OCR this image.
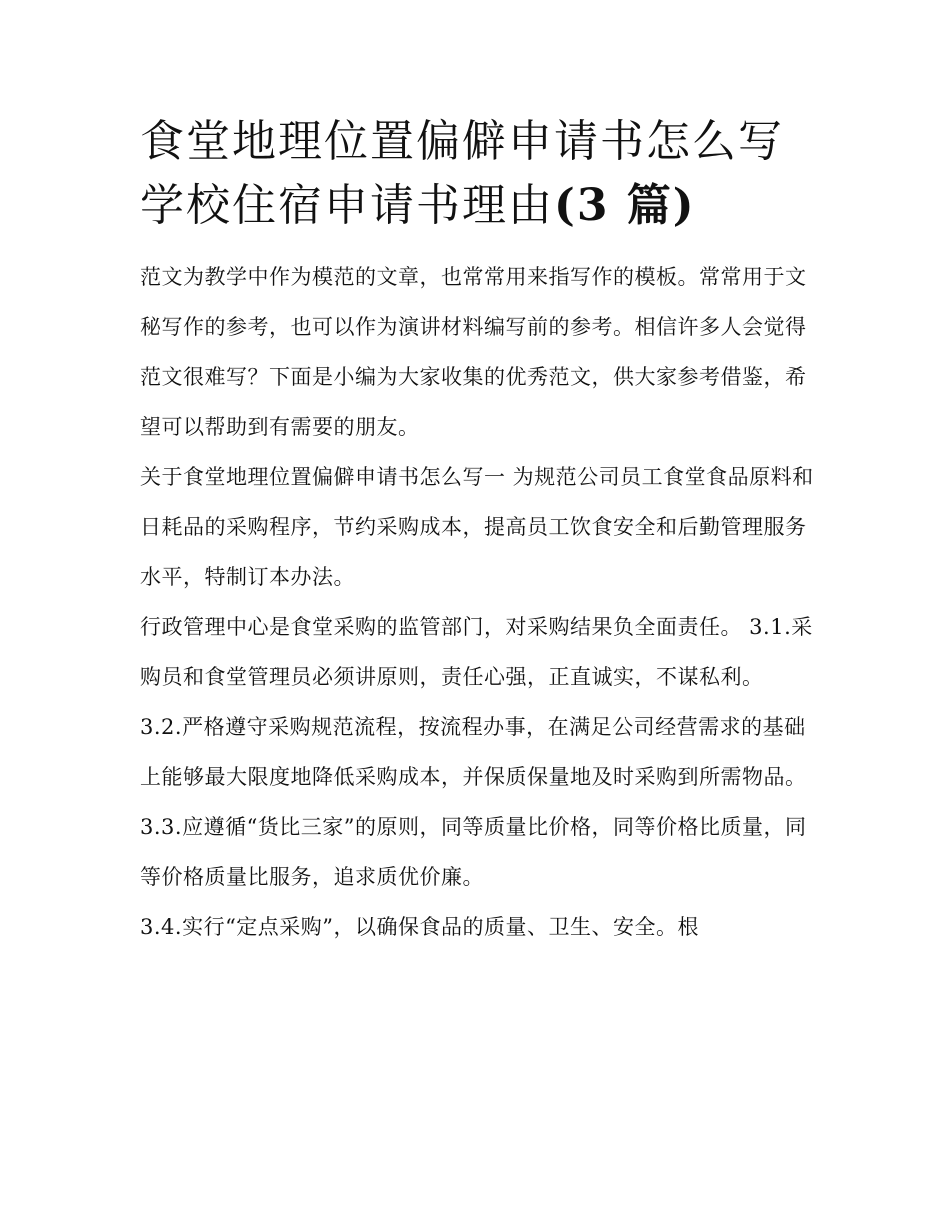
食堂地理位置偏僻申请书怎么写 学校住宿申请书理由(3 篇)

范文为教学中作为模范的文章，也常常用来指写作的模板。常常用于文秘写作的参考，也可以作为演讲材料编写前的参考。相信许多人会觉得范文很难写？下面是小编为大家收集的优秀范文，供大家参考借鉴，希望可以帮助到有需要的朋友。

关于食堂地理位置偏僻申请书怎么写一 为规范公司员工食堂食品原料和日耗品的采购程序，节约采购成本，提高员工饮食安全和后勤管理服务水平，特制订本办法。

行政管理中心是食堂采购的监管部门，对采购结果负全面责任。 3.1.采购员和食堂管理员必须讲原则，责任心强，正直诚实，不谋私利。

3.2.严格遵守采购规范流程，按流程办事，在满足公司经营需求的基础上能够最大限度地降低采购成本，并保质保量地及时采购到所需物品。

3.3.应遵循“货比三家”的原则，同等质量比价格，同等价格比质量，同等价格质量比服务，追求质优价廉。

3.4.实行“定点采购”，以确保食品的质量、卫生、安全。根
